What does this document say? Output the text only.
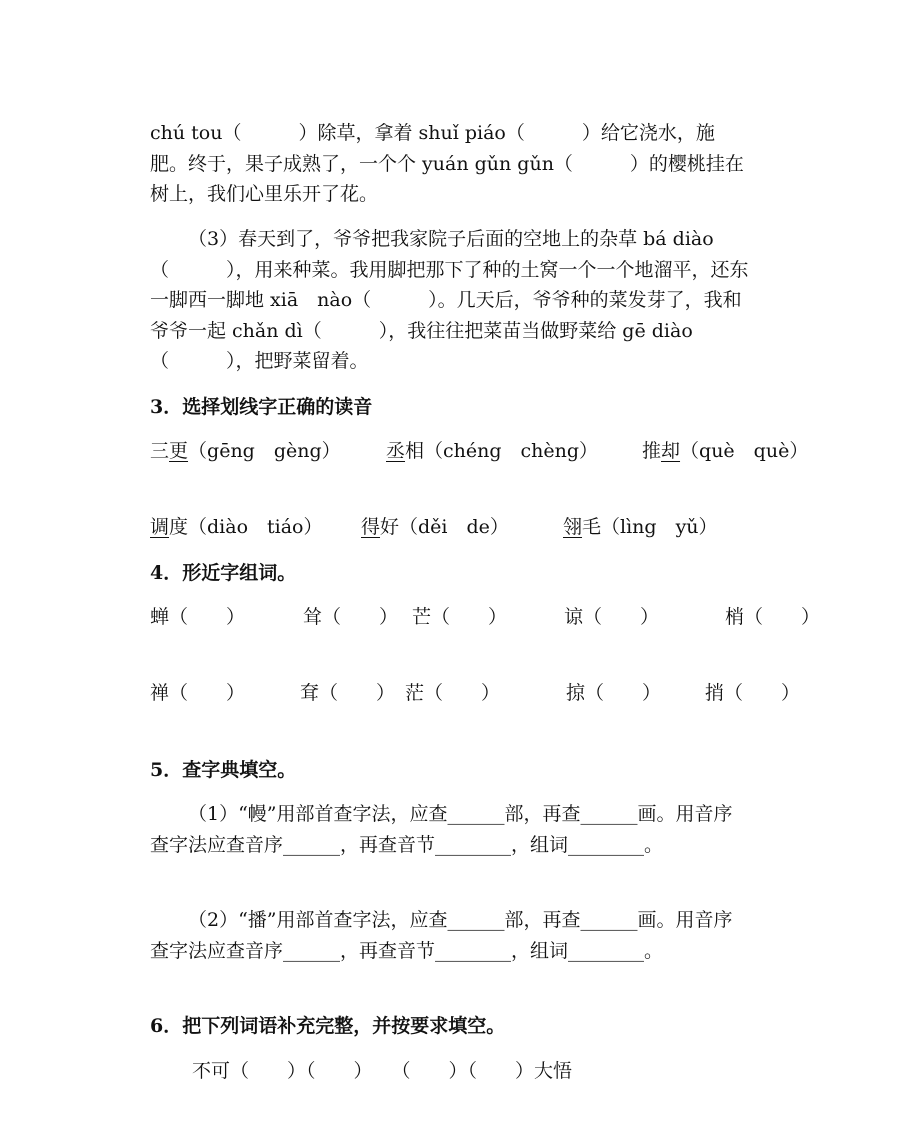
chú tou（　　　）除草，拿着 shuǐ piáo（　　　）给它浇水，施肥。终于，果子成熟了，一个个 yuán gǔn gǔn（　　　）的樱桃挂在树上，我们心里乐开了花。

（3）春天到了，爷爷把我家院子后面的空地上的杂草 bá diào（　　　），用来种菜。我用脚把那下了种的土窝一个一个地溜平，还东一脚西一脚地 xiā　nào（　　　）。几天后，爷爷种的菜发芽了，我和爷爷一起 chǎn dì（　　　），我往往把菜苗当做野菜给 gē diào（　　　），把野菜留着。

3．选择划线字正确的读音
三更（gēng　gèng） 丞相（chéng　chèng） 推却（què　què）
调度（diào　tiáo） 得好（děi　de）	翎毛（lìng　yǔ）
4．形近字组词。
蝉（　　）	耸（　　） 芒（　　）	谅（　　）	梢（　　）
禅（　　）	耷（　　） 茫（　　）	掠（　　） 捎（　　）
5．查字典填空。

（1）“幔”用部首查字法，应查______部，再查______画。用音序查字法应查音序______，再查音节________，组词________。

（2）“播”用部首查字法，应查______部，再查______画。用音序查字法应查音序______，再查音节________，组词________。

6．把下列词语补充完整，并按要求填空。
不可（　　）（　　）　　（　　）（　　）大悟
